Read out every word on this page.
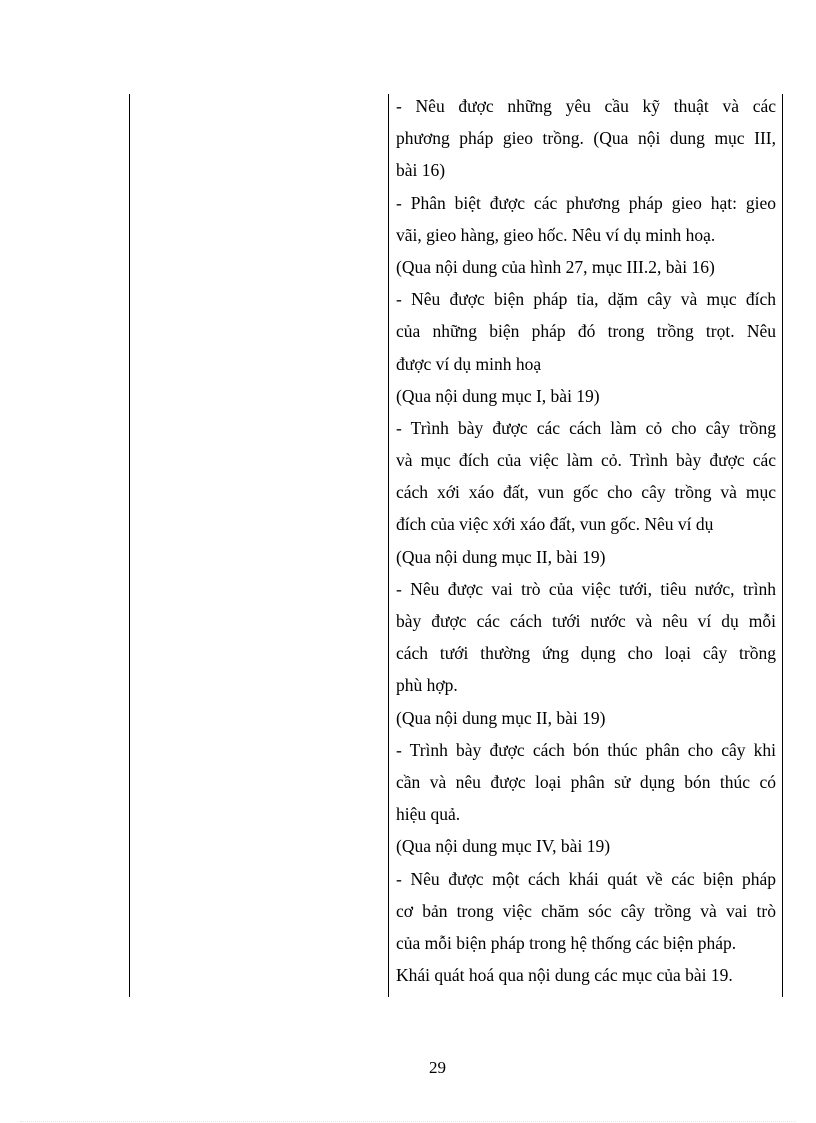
- Nêu được những yêu cầu kỹ thuật và các
phương pháp gieo trồng. (Qua nội dung mục III,
bài 16)
- Phân biệt được các phương pháp gieo hạt: gieo
vãi, gieo hàng, gieo hốc. Nêu ví dụ minh hoạ.
(Qua nội dung của hình 27, mục III.2, bài 16)
- Nêu được biện pháp tỉa, dặm cây và mục đích
của những biện pháp đó trong trồng trọt. Nêu
được ví dụ minh hoạ
(Qua nội dung mục I, bài 19)
- Trình bày được các cách làm cỏ cho cây trồng
và mục đích của việc làm cỏ. Trình bày được các
cách xới xáo đất, vun gốc cho cây trồng và mục
đích của việc xới xáo đất, vun gốc. Nêu ví dụ
(Qua nội dung mục II, bài 19)
- Nêu được vai trò của việc tưới, tiêu nước, trình
bày được các cách tưới nước và nêu ví dụ mỗi
cách tưới thường ứng dụng cho loại cây trồng
phù hợp.
(Qua nội dung mục II, bài 19)
- Trình bày được cách bón thúc phân cho cây khi
cần và nêu được loại phân sử dụng bón thúc có
hiệu quả.
(Qua nội dung mục IV, bài 19)
- Nêu được một cách khái quát về các biện pháp
cơ bản trong việc chăm sóc cây trồng và vai trò
của mỗi biện pháp trong hệ thống các biện pháp.
Khái quát hoá qua nội dung các mục của bài 19.
29
